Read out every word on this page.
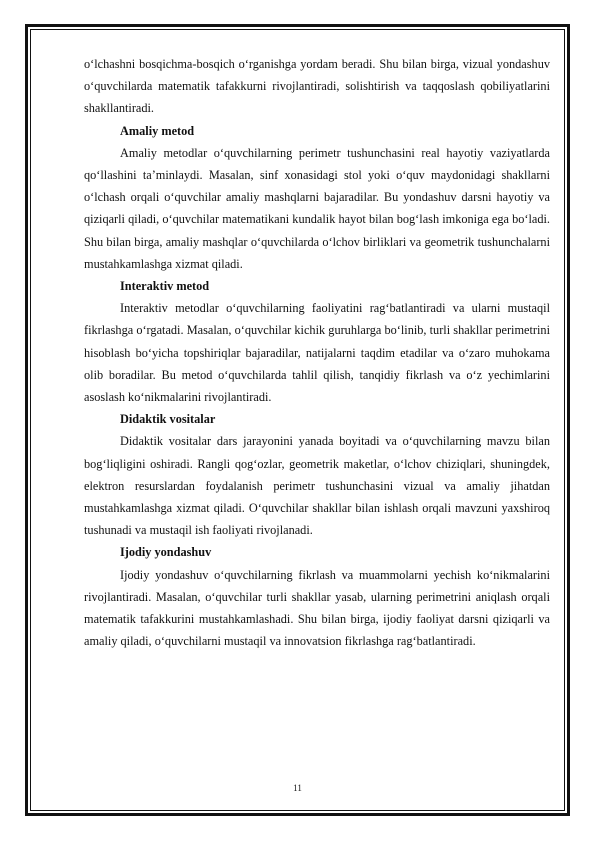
o‘lchashni bosqichma-bosqich o‘rganishga yordam beradi. Shu bilan birga, vizual yondashuv o‘quvchilarda matematik tafakkurni rivojlantiradi, solishtirish va taqqoslash qobiliyatlarini shakllantiradi.

Amaliy metod

Amaliy metodlar o‘quvchilarning perimetr tushunchasini real hayotiy vaziyatlarda qo‘llashini ta’minlaydi. Masalan, sinf xonasidagi stol yoki o‘quv maydonidagi shakllarni o‘lchash orqali o‘quvchilar amaliy mashqlarni bajaradilar. Bu yondashuv darsni hayotiy va qiziqarli qiladi, o‘quvchilar matematikani kundalik hayot bilan bog‘lash imkoniga ega bo‘ladi. Shu bilan birga, amaliy mashqlar o‘quvchilarda o‘lchov birliklari va geometrik tushunchalarni mustahkamlashga xizmat qiladi.

Interaktiv metod

Interaktiv metodlar o‘quvchilarning faoliyatini rag‘batlantiradi va ularni mustaqil fikrlashga o‘rgatadi. Masalan, o‘quvchilar kichik guruhlarga bo‘linib, turli shakllar perimetrini hisoblash bo‘yicha topshiriqlar bajaradilar, natijalarni taqdim etadilar va o‘zaro muhokama olib boradilar. Bu metod o‘quvchilarda tahlil qilish, tanqidiy fikrlash va o‘z yechimlarini asoslash ko‘nikmalarini rivojlantiradi.

Didaktik vositalar

Didaktik vositalar dars jarayonini yanada boyitadi va o‘quvchilarning mavzu bilan bog‘liqligini oshiradi. Rangli qog‘ozlar, geometrik maketlar, o‘lchov chiziqlari, shuningdek, elektron resurslardan foydalanish perimetr tushunchasini vizual va amaliy jihatdan mustahkamlashga xizmat qiladi. O‘quvchilar shakllar bilan ishlash orqali mavzuni yaxshiroq tushunadi va mustaqil ish faoliyati rivojlanadi.

Ijodiy yondashuv

Ijodiy yondashuv o‘quvchilarning fikrlash va muammolarni yechish ko‘nikmalarini rivojlantiradi. Masalan, o‘quvchilar turli shakllar yasab, ularning perimetrini aniqlash orqali matematik tafakkurini mustahkamlashadi. Shu bilan birga, ijodiy faoliyat darsni qiziqarli va amaliy qiladi, o‘quvchilarni mustaqil va innovatsion fikrlashga rag‘batlantiradi.

11
